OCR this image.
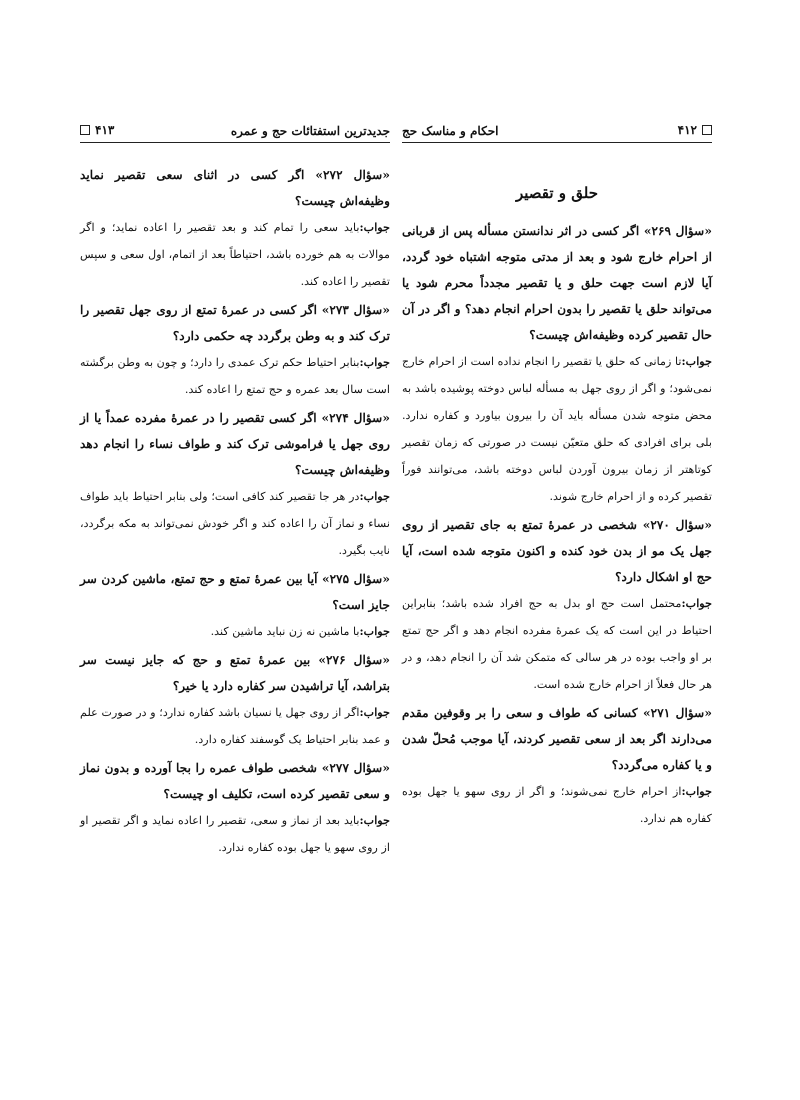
۴۱۲
احکام و مناسک حج
حلق و تقصیر

«سؤال ۲۶۹» اگر کسی در اثر ندانستن مسأله پس از قربانی از احرام خارج شود و بعد از مدتی متوجه اشتباه خود گردد، آیا لازم است جهت حلق و یا تقصیر مجدداً محرم شود یا می‌تواند حلق یا تقصیر را بدون احرام انجام دهد؟ و اگر در آن حال تقصیر کرده وظیفه‌اش چیست؟

جواب:تا زمانی که حلق یا تقصیر را انجام نداده است از احرام خارج نمی‌شود؛ و اگر از روی جهل به مسأله لباس دوخته پوشیده باشد به محض متوجه شدن مسأله باید آن را بیرون بیاورد و کفاره ندارد. بلی برای افرادی که حلق متعیّن نیست در صورتی که زمان تقصیر کوتاهتر از زمان بیرون آوردن لباس دوخته باشد، می‌توانند فوراً تقصیر کرده و از احرام خارج شوند.

«سؤال ۲۷۰» شخصی در عمرهٔ تمتع به جای تقصیر از روی جهل یک مو از بدن خود کنده و اکنون متوجه شده است، آیا حج او اشکال دارد؟

جواب:محتمل است حج او بدل به حج افراد شده باشد؛ بنابراین احتیاط در این است که یک عمرهٔ مفرده انجام دهد و اگر حج تمتع بر او واجب بوده در هر سالی که متمکن شد آن را انجام دهد، و در هر حال فعلاً از احرام خارج شده است.

«سؤال ۲۷۱» کسانی که طواف و سعی را بر وقوفین مقدم می‌دارند اگر بعد از سعی تقصیر کردند، آیا موجب مُحلّ شدن و یا کفاره می‌گردد؟

جواب:از احرام خارج نمی‌شوند؛ و اگر از روی سهو یا جهل بوده کفاره هم ندارد.

۴۱۳	جدیدترین استفتائات حج و عمره

«سؤال ۲۷۲» اگر کسی در اثنای سعی تقصیر نماید وظیفه‌اش چیست؟

جواب:باید سعی را تمام کند و بعد تقصیر را اعاده نماید؛ و اگر موالات به هم خورده باشد، احتیاطاً بعد از اتمام، اول سعی و سپس تقصیر را اعاده کند.

«سؤال ۲۷۳» اگر کسی در عمرهٔ تمتع از روی جهل تقصیر را ترک کند و به وطن برگردد چه حکمی دارد؟

جواب:بنابر احتیاط حکم ترک عمدی را دارد؛ و چون به وطن برگشته است سال بعد عمره و حج تمتع را اعاده کند.

«سؤال ۲۷۴» اگر کسی تقصیر را در عمرهٔ مفرده عمداً یا از روی جهل یا فراموشی ترک کند و طواف نساء را انجام دهد وظیفه‌اش چیست؟

جواب:در هر جا تقصیر کند کافی است؛ ولی بنابر احتیاط باید طواف نساء و نماز آن را اعاده کند و اگر خودش نمی‌تواند به مکه برگردد، نایب بگیرد.

«سؤال ۲۷۵» آیا بین عمرهٔ تمتع و حج تمتع، ماشین کردن سر جایز است؟

جواب:با ماشین نه زن نباید ماشین کند.

«سؤال ۲۷۶» بین عمرهٔ تمتع و حج که جایز نیست سر بتراشد، آیا تراشیدن سر کفاره دارد یا خیر؟

جواب:اگر از روی جهل یا نسیان باشد کفاره ندارد؛ و در صورت علم و عمد بنابر احتیاط یک گوسفند کفاره دارد.

«سؤال ۲۷۷» شخصی طواف عمره را بجا آورده و بدون نماز و سعی تقصیر کرده است، تکلیف او چیست؟

جواب:باید بعد از نماز و سعی، تقصیر را اعاده نماید و اگر تقصیر او از روی سهو یا جهل بوده کفاره ندارد.
